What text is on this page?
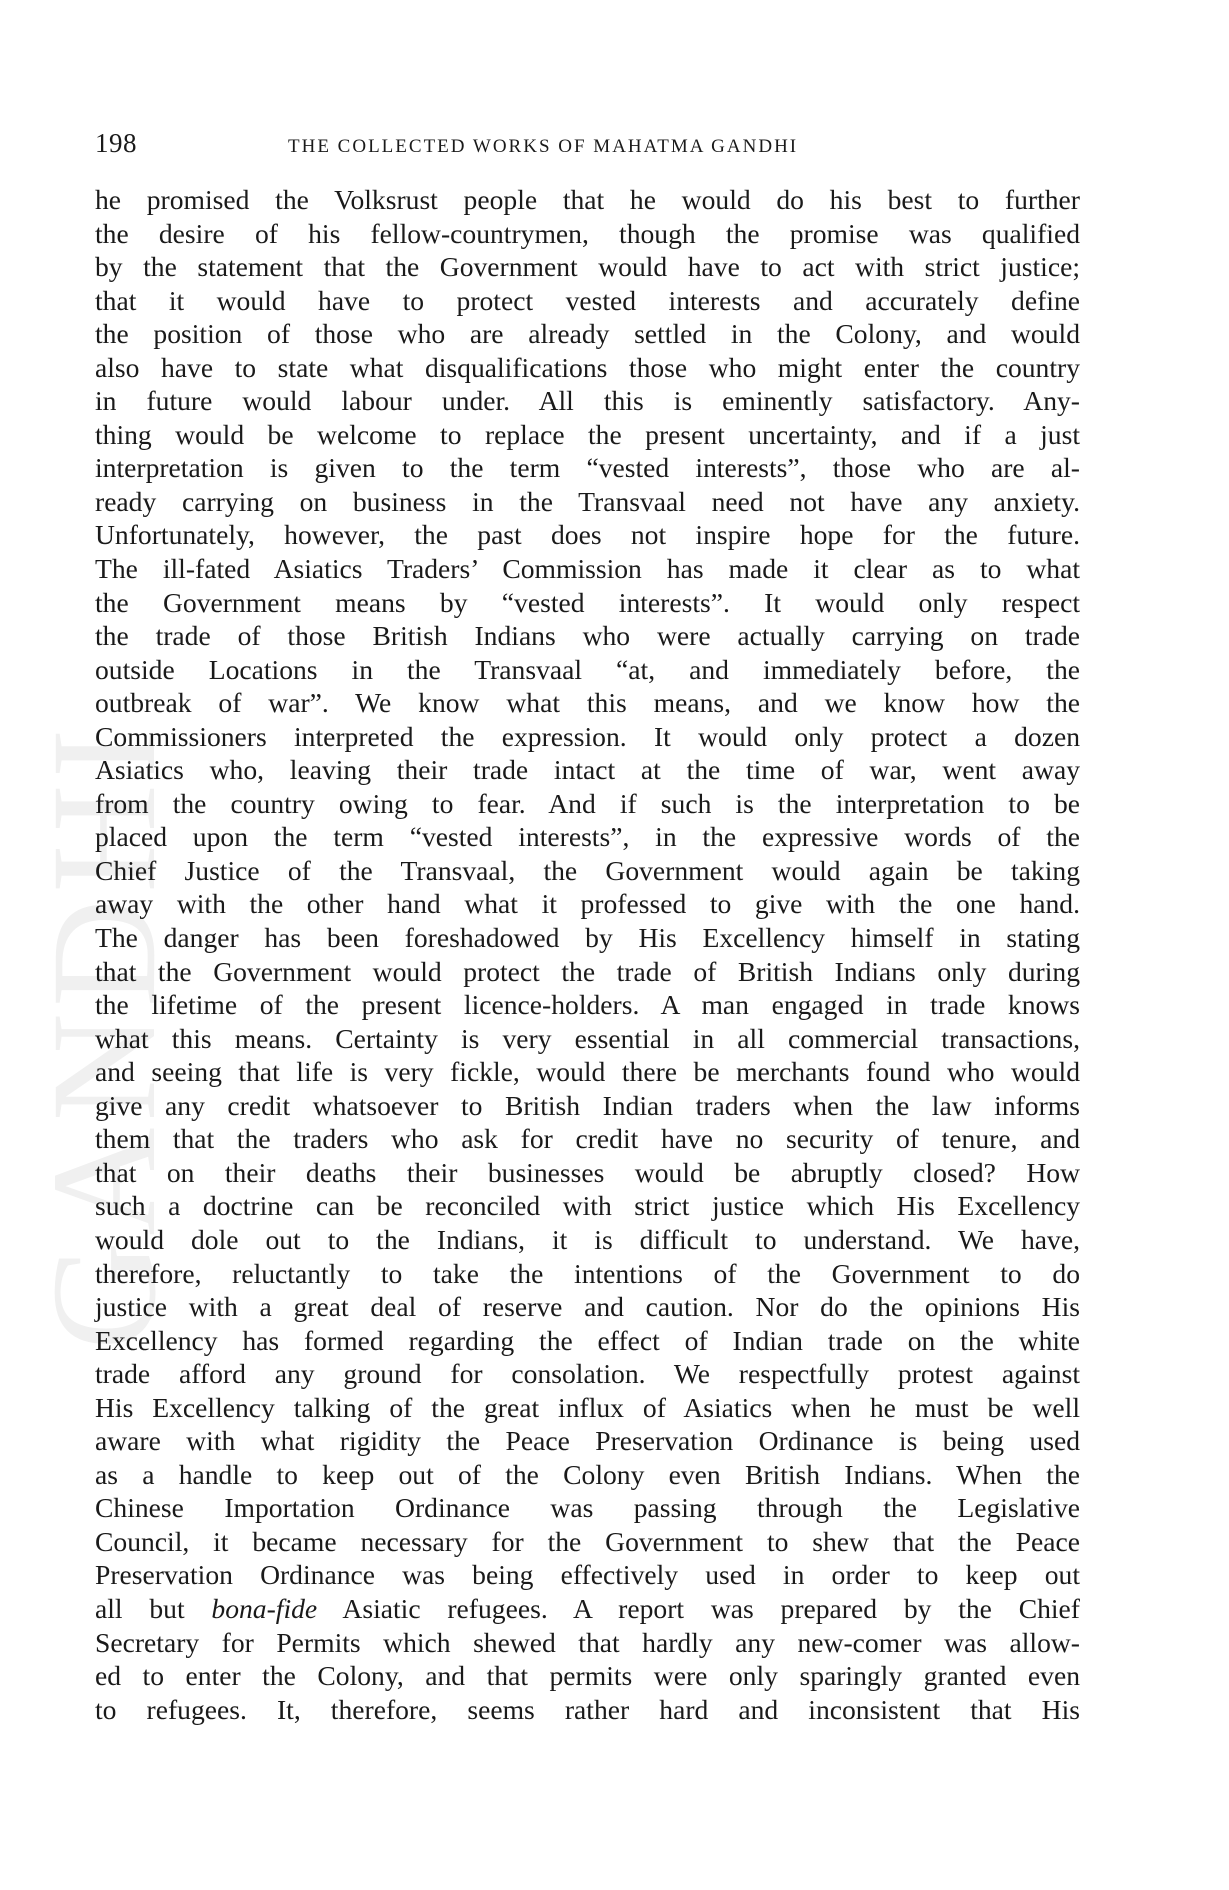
GANDHI
198	THE COLLECTED WORKS OF MAHATMA GANDHI
he promised the Volksrust people that he would do his best to further
the desire of his fellow-countrymen, though the promise was qualified
by the statement that the Government would have to act with strict justice;
that it would have to protect vested interests and accurately define
the position of those who are already settled in the Colony, and would
also have to state what disqualifications those who might enter the country
in future would labour under. All this is eminently satisfactory. Any-
thing would be welcome to replace the present uncertainty, and if a just
interpretation is given to the term “vested interests”, those who are al-
ready carrying on business in the Transvaal need not have any anxiety.
Unfortunately, however, the past does not inspire hope for the future.
The ill-fated Asiatics Traders’ Commission has made it clear as to what
the Government means by “vested interests”. It would only respect
the trade of those British Indians who were actually carrying on trade
outside Locations in the Transvaal “at, and immediately before, the
outbreak of war”. We know what this means, and we know how the
Commissioners interpreted the expression. It would only protect a dozen
Asiatics who, leaving their trade intact at the time of war, went away
from the country owing to fear. And if such is the interpretation to be
placed upon the term “vested interests”, in the expressive words of the
Chief Justice of the Transvaal, the Government would again be taking
away with the other hand what it professed to give with the one hand.
The danger has been foreshadowed by His Excellency himself in stating
that the Government would protect the trade of British Indians only during
the lifetime of the present licence-holders. A man engaged in trade knows
what this means. Certainty is very essential in all commercial transactions,
and seeing that life is very fickle, would there be merchants found who would
give any credit whatsoever to British Indian traders when the law informs
them that the traders who ask for credit have no security of tenure, and
that on their deaths their businesses would be abruptly closed? How
such a doctrine can be reconciled with strict justice which His Excellency
would dole out to the Indians, it is difficult to understand. We have,
therefore, reluctantly to take the intentions of the Government to do
justice with a great deal of reserve and caution. Nor do the opinions His
Excellency has formed regarding the effect of Indian trade on the white
trade afford any ground for consolation. We respectfully protest against
His Excellency talking of the great influx of Asiatics when he must be well
aware with what rigidity the Peace Preservation Ordinance is being used
as a handle to keep out of the Colony even British Indians. When the
Chinese Importation Ordinance was passing through the Legislative
Council, it became necessary for the Government to shew that the Peace
Preservation Ordinance was being effectively used in order to keep out
all but bona-fide Asiatic refugees. A report was prepared by the Chief
Secretary for Permits which shewed that hardly any new-comer was allow-
ed to enter the Colony, and that permits were only sparingly granted even
to refugees. It, therefore, seems rather hard and inconsistent that His
